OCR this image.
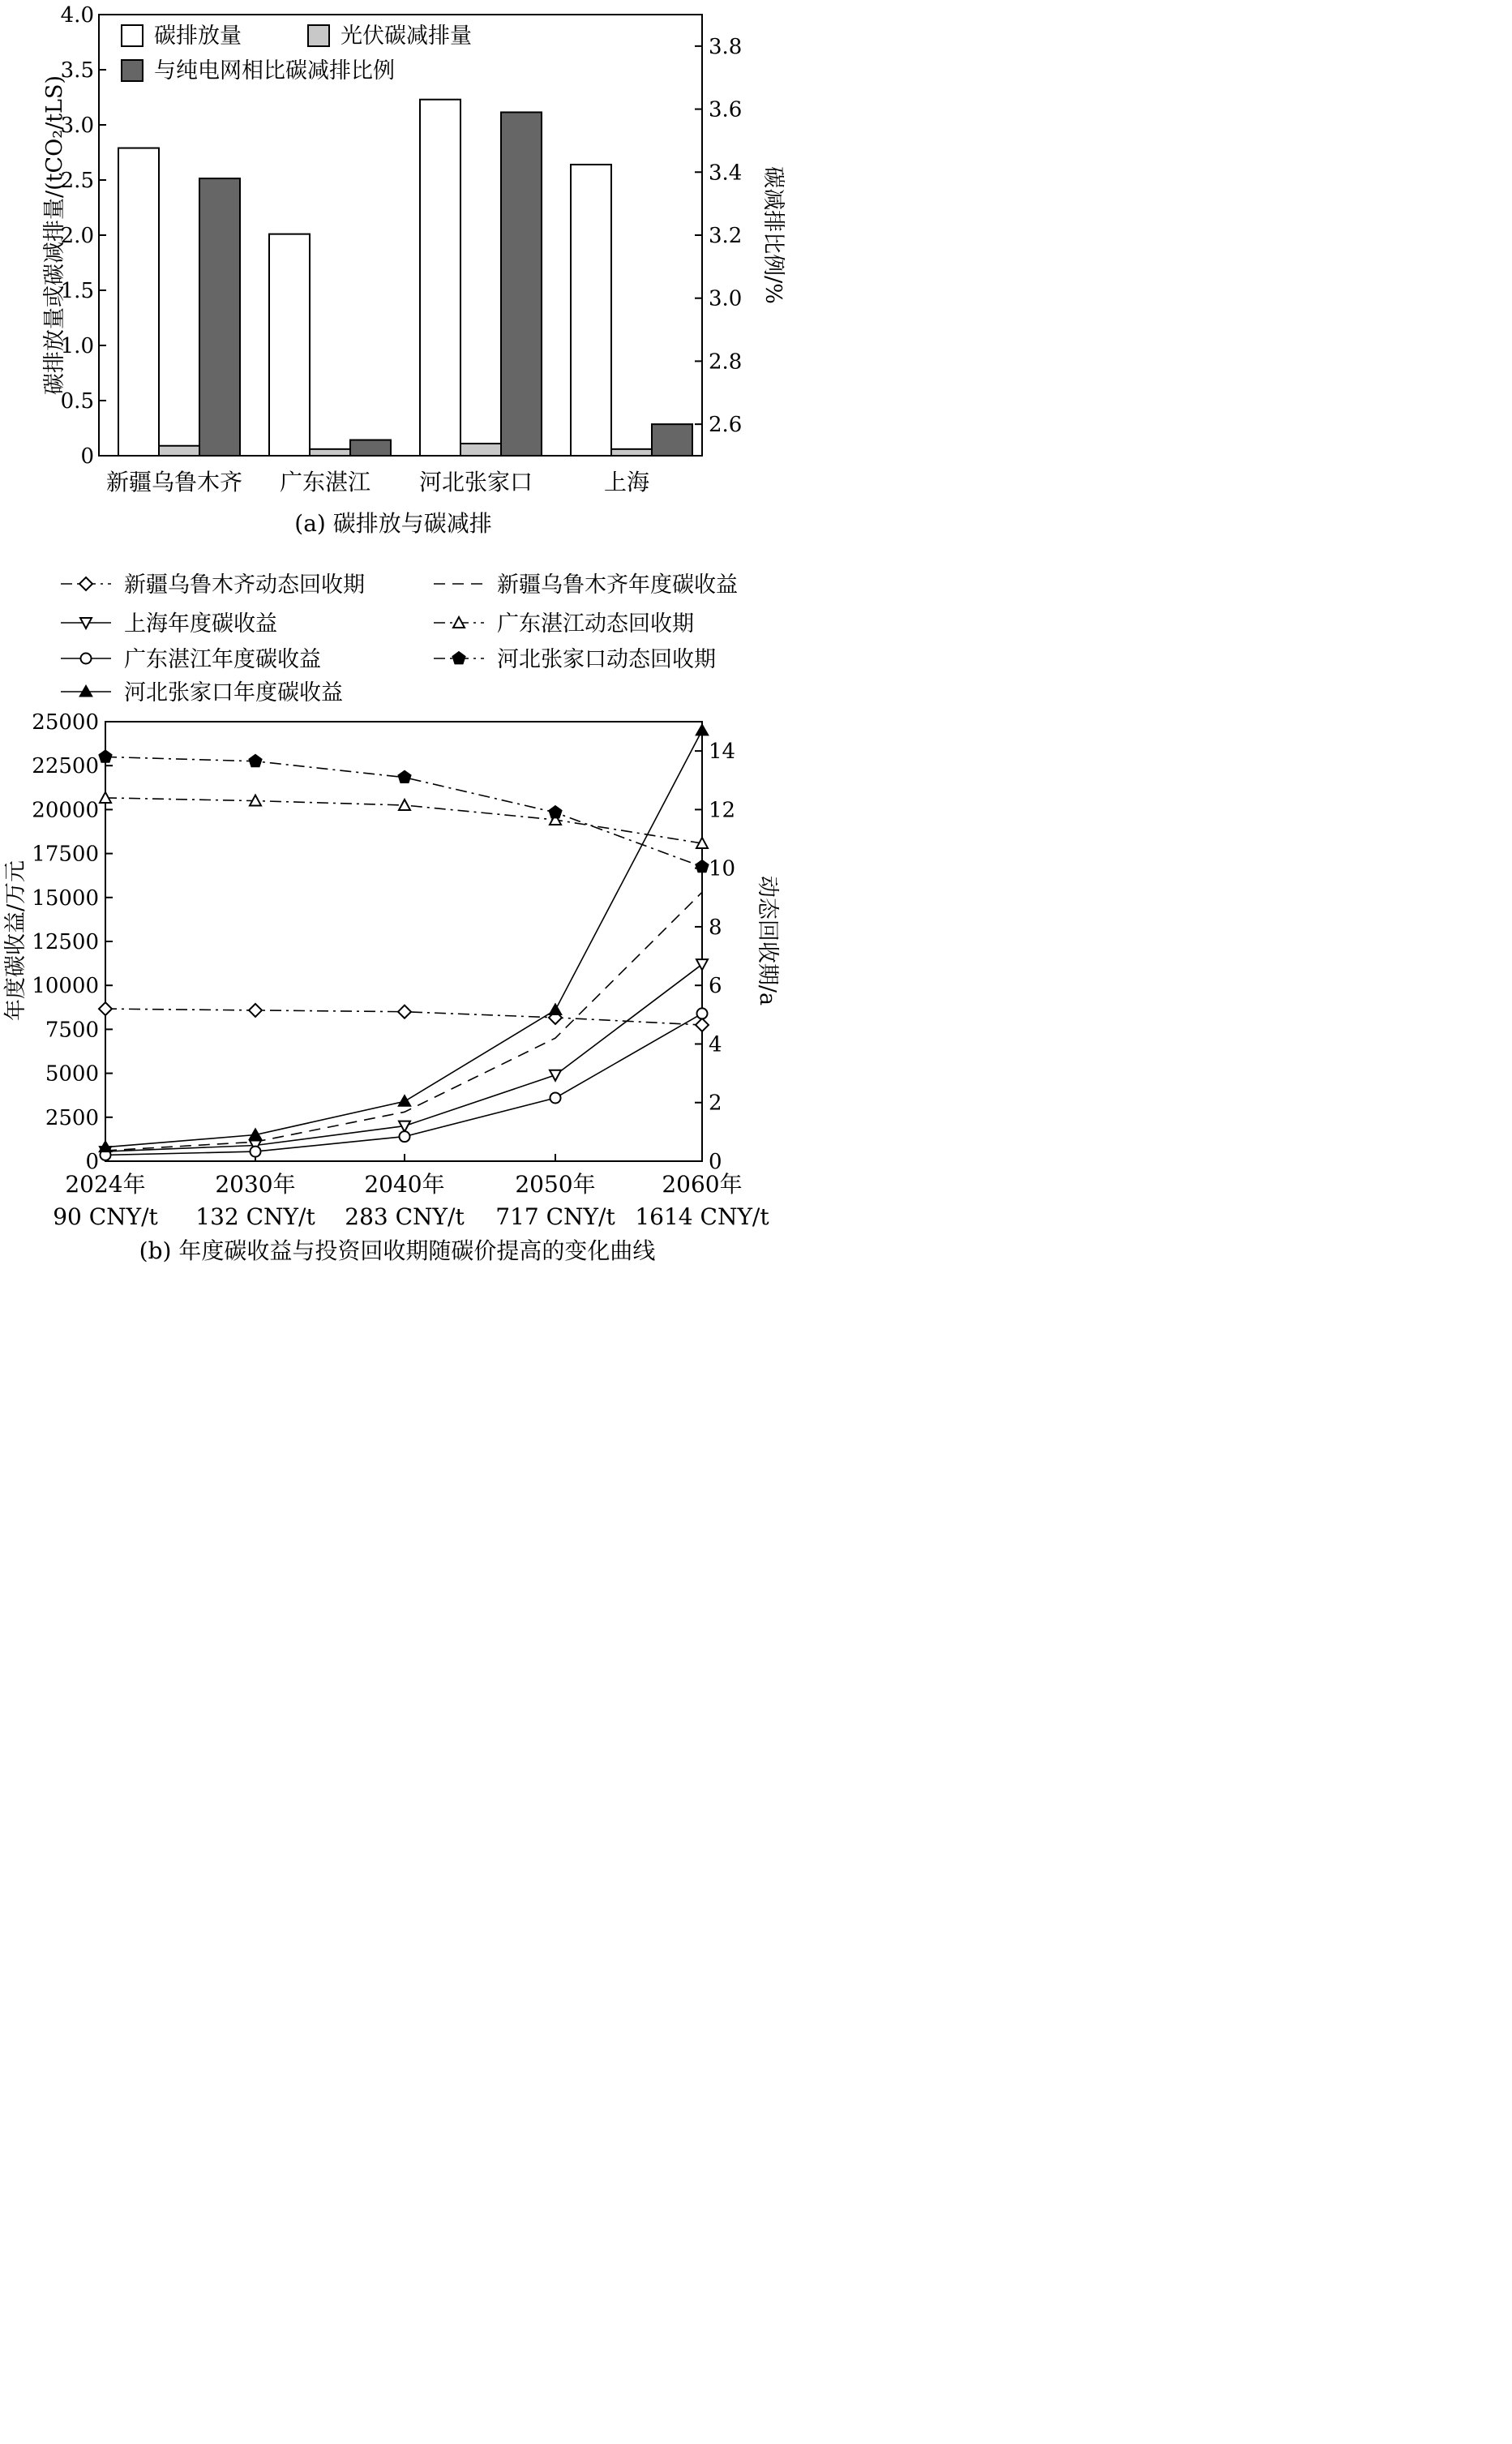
新疆乌鲁木齐 广东湛江 河北张家口	上海
0
0.5
1.0
1.5
2.0
2.5
3.0
3.5
4.0
2.6
2.8
3.0
3.2
3.4
3.6
3.8
碳排放量或碳减排量/(tCO₂/tLS)	碳减排比例/%
碳排放量	光伏碳减排量
与纯电网相比碳减排比例
(a) 碳排放与碳减排
0
2500
5000
7500
10000
12500
15000
17500
20000
22500
25000
0
2
4
6
8
10
12
14
2024年
90 CNY/t
2030年
132 CNY/t
2040年
283 CNY/t
2050年
717 CNY/t
2060年
1614 CNY/t
年度碳收益/万元	动态回收期/a
新疆乌鲁木齐动态回收期	新疆乌鲁木齐年度碳收益
上海年度碳收益	广东湛江动态回收期
广东湛江年度碳收益	河北张家口动态回收期
河北张家口年度碳收益
(b) 年度碳收益与投资回收期随碳价提高的变化曲线
